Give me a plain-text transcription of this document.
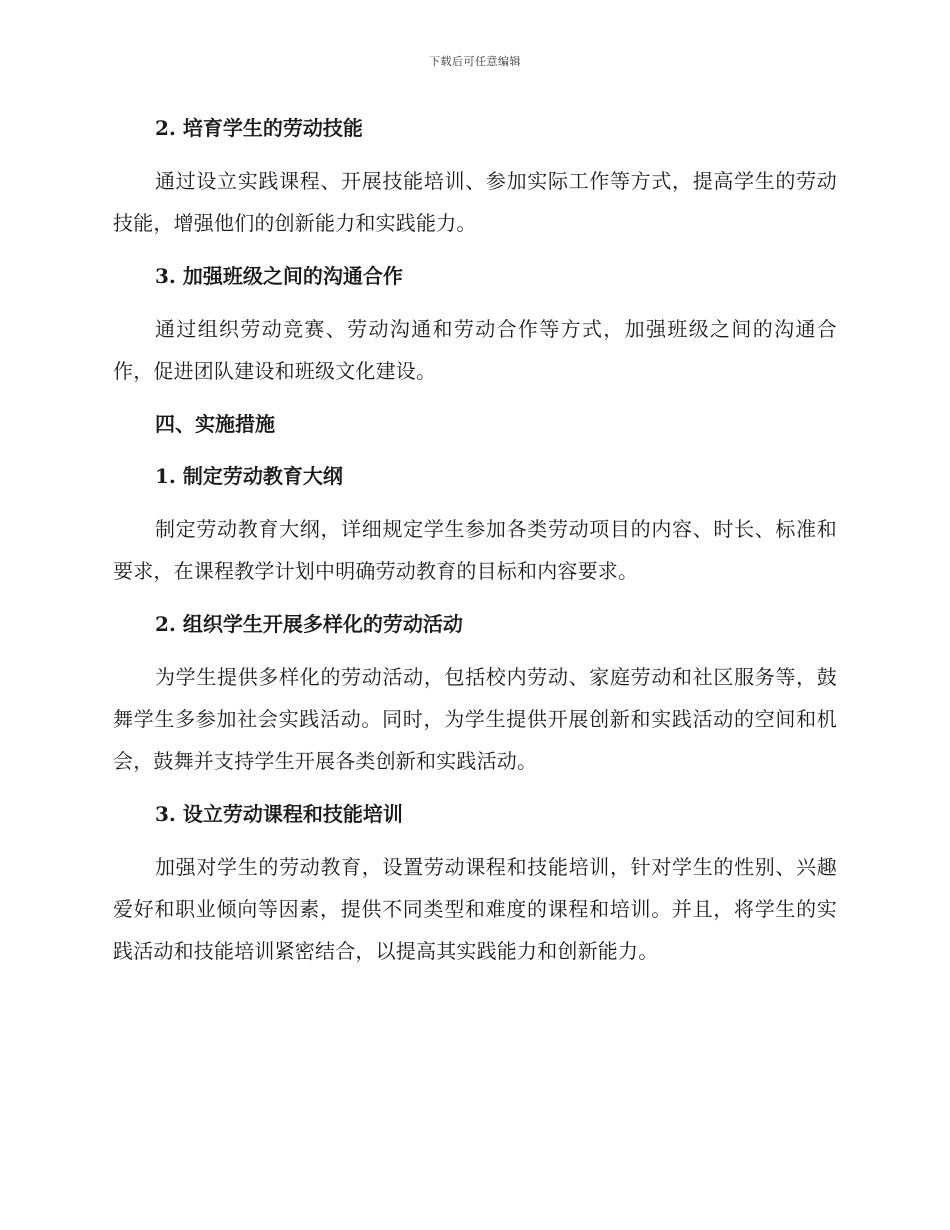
下载后可任意编辑
2. 培育学生的劳动技能

通过设立实践课程、开展技能培训、参加实际工作等方式，提高学生的劳动技能，增强他们的创新能力和实践能力。

3. 加强班级之间的沟通合作

通过组织劳动竞赛、劳动沟通和劳动合作等方式，加强班级之间的沟通合作，促进团队建设和班级文化建设。

四、实施措施
1. 制定劳动教育大纲

制定劳动教育大纲，详细规定学生参加各类劳动项目的内容、时长、标准和要求，在课程教学计划中明确劳动教育的目标和内容要求。

2. 组织学生开展多样化的劳动活动

为学生提供多样化的劳动活动，包括校内劳动、家庭劳动和社区服务等，鼓舞学生多参加社会实践活动。同时，为学生提供开展创新和实践活动的空间和机会，鼓舞并支持学生开展各类创新和实践活动。

3. 设立劳动课程和技能培训

加强对学生的劳动教育，设置劳动课程和技能培训，针对学生的性别、兴趣爱好和职业倾向等因素，提供不同类型和难度的课程和培训。并且，将学生的实践活动和技能培训紧密结合，以提高其实践能力和创新能力。
